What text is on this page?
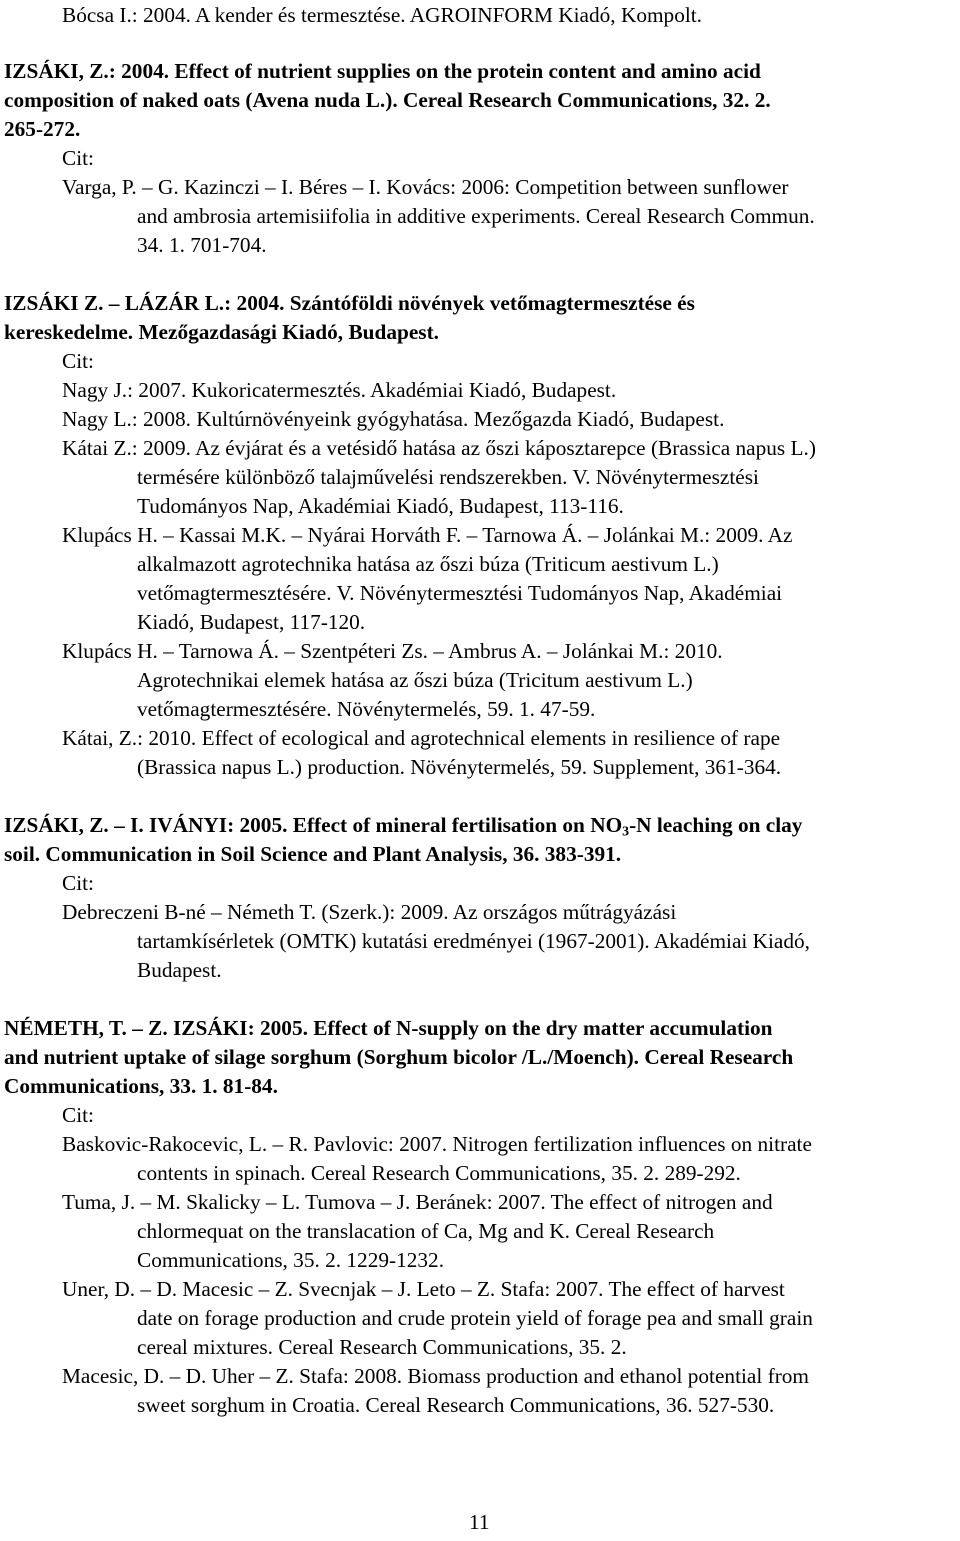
Bócsa I.: 2004. A kender és termesztése. AGROINFORM Kiadó, Kompolt.
IZSÁKI, Z.: 2004. Effect of nutrient supplies on the protein content and amino acid
composition of naked oats (Avena nuda L.). Cereal Research Communications, 32. 2.
265-272.
Cit:
Varga, P. – G. Kazinczi – I. Béres – I. Kovács: 2006: Competition between sunflower
and ambrosia artemisiifolia in additive experiments. Cereal Research Commun.
34. 1. 701-704.
IZSÁKI Z. – LÁZÁR L.: 2004. Szántóföldi növények vetőmagtermesztése és
kereskedelme. Mezőgazdasági Kiadó, Budapest.
Cit:
Nagy J.: 2007. Kukoricatermesztés. Akadémiai Kiadó, Budapest.
Nagy L.: 2008. Kultúrnövényeink gyógyhatása. Mezőgazda Kiadó, Budapest.
Kátai Z.: 2009. Az évjárat és a vetésidő hatása az őszi káposztarepce (Brassica napus L.)
termésére különböző talajművelési rendszerekben. V. Növénytermesztési
Tudományos Nap, Akadémiai Kiadó, Budapest, 113-116.
Klupács H. – Kassai M.K. – Nyárai Horváth F. – Tarnowa Á. – Jolánkai M.: 2009. Az
alkalmazott agrotechnika hatása az őszi búza (Triticum aestivum L.)
vetőmagtermesztésére. V. Növénytermesztési Tudományos Nap, Akadémiai
Kiadó, Budapest, 117-120.
Klupács H. – Tarnowa Á. – Szentpéteri Zs. – Ambrus A. – Jolánkai M.: 2010.
Agrotechnikai elemek hatása az őszi búza (Tricitum aestivum L.)
vetőmagtermesztésére. Növénytermelés, 59. 1. 47-59.
Kátai, Z.: 2010. Effect of ecological and agrotechnical elements in resilience of rape
(Brassica napus L.) production. Növénytermelés, 59. Supplement, 361-364.
IZSÁKI, Z. – I. IVÁNYI: 2005. Effect of mineral fertilisation on $NO_3-N$ leaching on clay
soil. Communication in Soil Science and Plant Analysis, 36. 383-391.
Cit:
Debreczeni B-né – Németh T. (Szerk.): 2009. Az országos műtrágyázási
tartamkísérletek (OMTK) kutatási eredményei (1967-2001). Akadémiai Kiadó,
Budapest.
NÉMETH, T. – Z. IZSÁKI: 2005. Effect of N-supply on the dry matter accumulation
and nutrient uptake of silage sorghum (Sorghum bicolor /L./Moench). Cereal Research
Communications, 33. 1. 81-84.
Cit:
Baskovic-Rakocevic, L. – R. Pavlovic: 2007. Nitrogen fertilization influences on nitrate
contents in spinach. Cereal Research Communications, 35. 2. 289-292.
Tuma, J. – M. Skalicky – L. Tumova – J. Beránek: 2007. The effect of nitrogen and
chlormequat on the translacation of Ca, Mg and K. Cereal Research
Communications, 35. 2. 1229-1232.
Uner, D. – D. Macesic – Z. Svecnjak – J. Leto – Z. Stafa: 2007. The effect of harvest
date on forage production and crude protein yield of forage pea and small grain
cereal mixtures. Cereal Research Communications, 35. 2.
Macesic, D. – D. Uher – Z. Stafa: 2008. Biomass production and ethanol potential from
sweet sorghum in Croatia. Cereal Research Communications, 36. 527-530.
11
